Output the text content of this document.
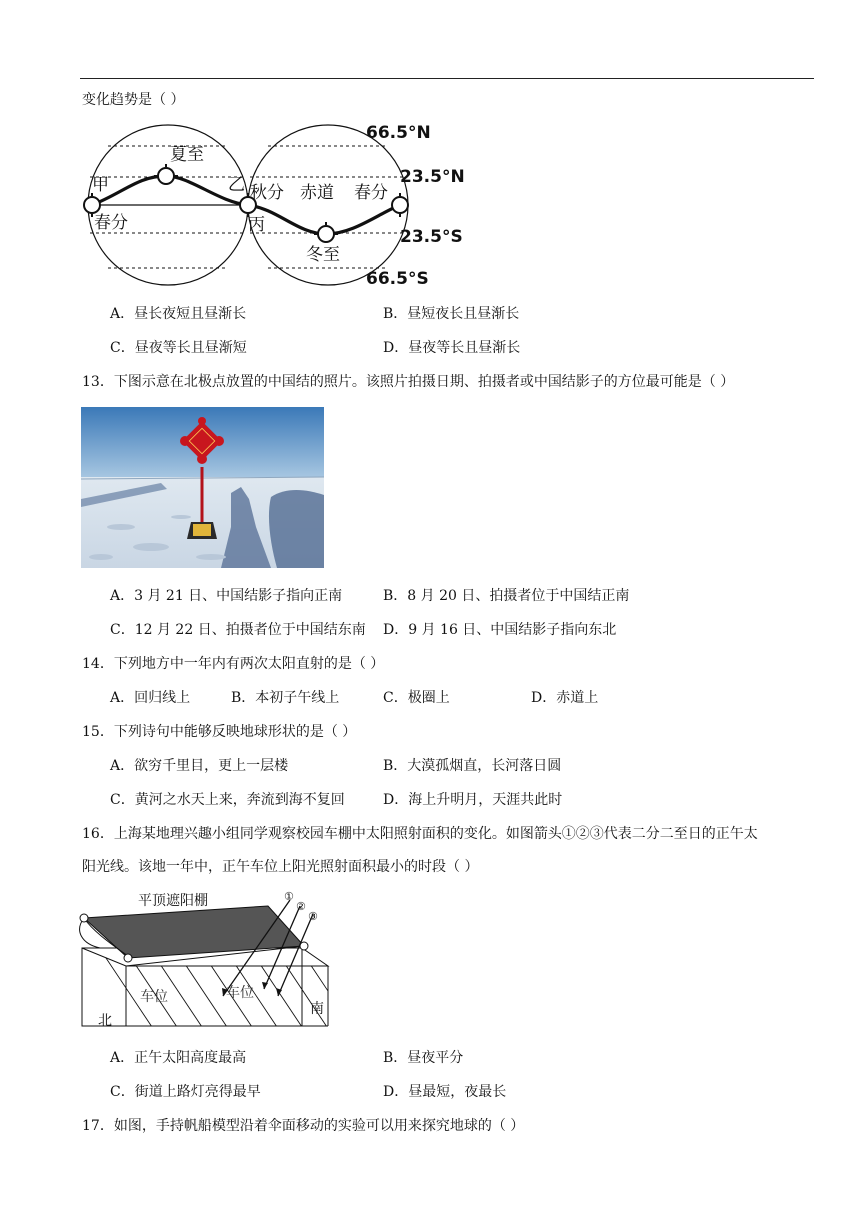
变化趋势是（ ）
66.5°N
23.5°N
23.5°S
66.5°S
夏至
甲	乙
春分
秋分 赤道 春分
丙
冬至
A．昼长夜短且昼渐长	B．昼短夜长且昼渐长
C．昼夜等长且昼渐短	D．昼夜等长且昼渐长
13．下图示意在北极点放置的中国结的照片。该照片拍摄日期、拍摄者或中国结影子的方位最可能是（ ）
A．3 月 21 日、中国结影子指向正南	B．8 月 20 日、拍摄者位于中国结正南
C．12 月 22 日、拍摄者位于中国结东南 D．9 月 16 日、中国结影子指向东北
14．下列地方中一年内有两次太阳直射的是（ ）
A．回归线上	B．本初子午线上	C．极圈上	D．赤道上
15．下列诗句中能够反映地球形状的是（ ）
A．欲穷千里目，更上一层楼	B．大漠孤烟直，长河落日圆
C．黄河之水天上来，奔流到海不复回	D．海上升明月，天涯共此时
16．上海某地理兴趣小组同学观察校园车棚中太阳照射面积的变化。如图箭头①②③代表二分二至日的正午太
阳光线。该地一年中，正午车位上阳光照射面积最小的时段（ ）
平顶遮阳棚	①
②
③
车位	车位
北
南
A．正午太阳高度最高	B．昼夜平分
C．街道上路灯亮得最早	D．昼最短，夜最长
17．如图，手持帆船模型沿着伞面移动的实验可以用来探究地球的（ ）
